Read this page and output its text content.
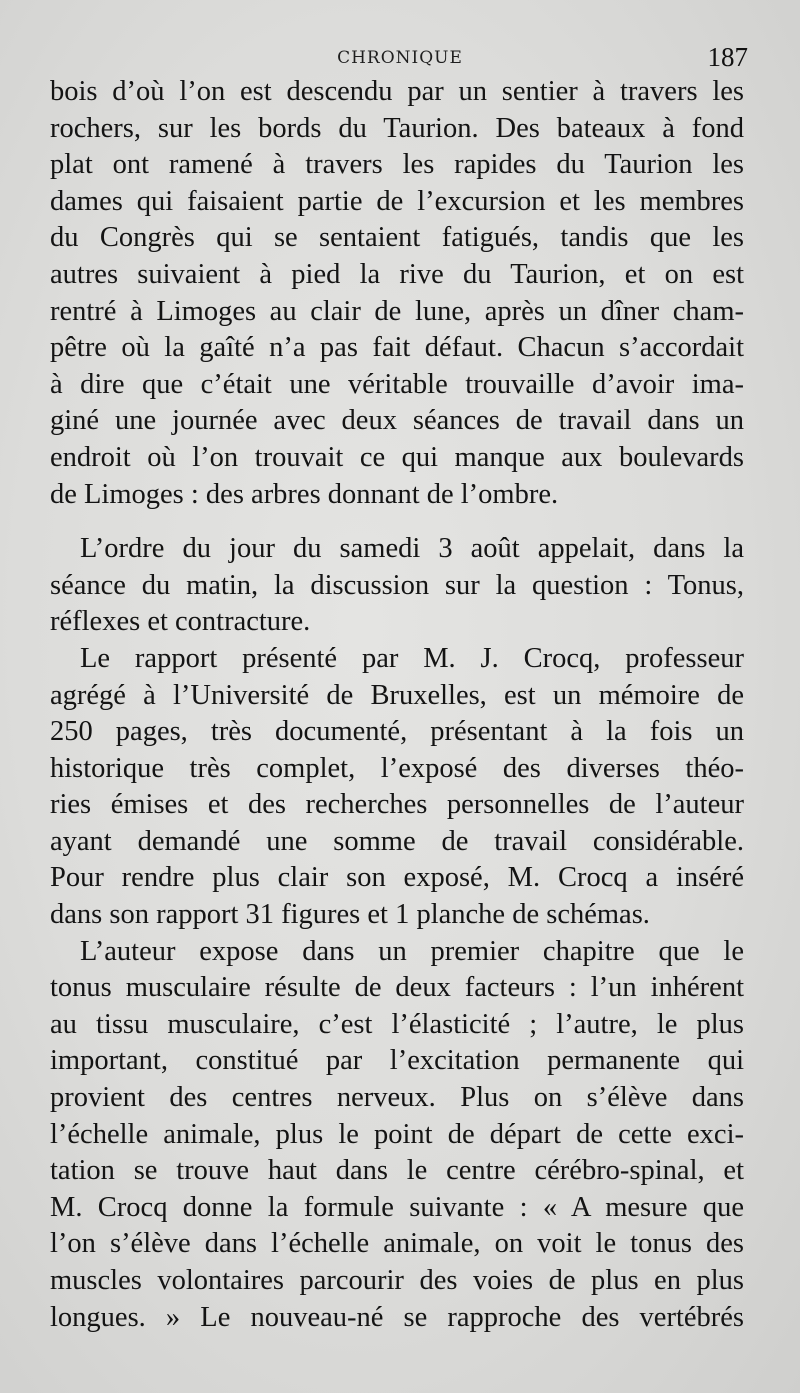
CHRONIQUE	187
bois d’où l’on est descendu par un sentier à travers les
rochers, sur les bords du Taurion. Des bateaux à fond
plat ont ramené à travers les rapides du Taurion les
dames qui faisaient partie de l’excursion et les membres
du Congrès qui se sentaient fatigués, tandis que les
autres suivaient à pied la rive du Taurion, et on est
rentré à Limoges au clair de lune, après un dîner cham-
pêtre où la gaîté n’a pas fait défaut. Chacun s’accordait
à dire que c’était une véritable trouvaille d’avoir ima-
giné une journée avec deux séances de travail dans un
endroit où l’on trouvait ce qui manque aux boulevards
de Limoges : des arbres donnant de l’ombre.
L’ordre du jour du samedi 3 août appelait, dans la
séance du matin, la discussion sur la question : Tonus,
réflexes et contracture.
Le rapport présenté par M. J. Crocq, professeur
agrégé à l’Université de Bruxelles, est un mémoire de
250 pages, très documenté, présentant à la fois un
historique très complet, l’exposé des diverses théo-
ries émises et des recherches personnelles de l’auteur
ayant demandé une somme de travail considérable.
Pour rendre plus clair son exposé, M. Crocq a inséré
dans son rapport 31 figures et 1 planche de schémas.
L’auteur expose dans un premier chapitre que le
tonus musculaire résulte de deux facteurs : l’un inhérent
au tissu musculaire, c’est l’élasticité ; l’autre, le plus
important, constitué par l’excitation permanente qui
provient des centres nerveux. Plus on s’élève dans
l’échelle animale, plus le point de départ de cette exci-
tation se trouve haut dans le centre cérébro-spinal, et
M. Crocq donne la formule suivante : « A mesure que
l’on s’élève dans l’échelle animale, on voit le tonus des
muscles volontaires parcourir des voies de plus en plus
longues. » Le nouveau-né se rapproche des vertébrés
